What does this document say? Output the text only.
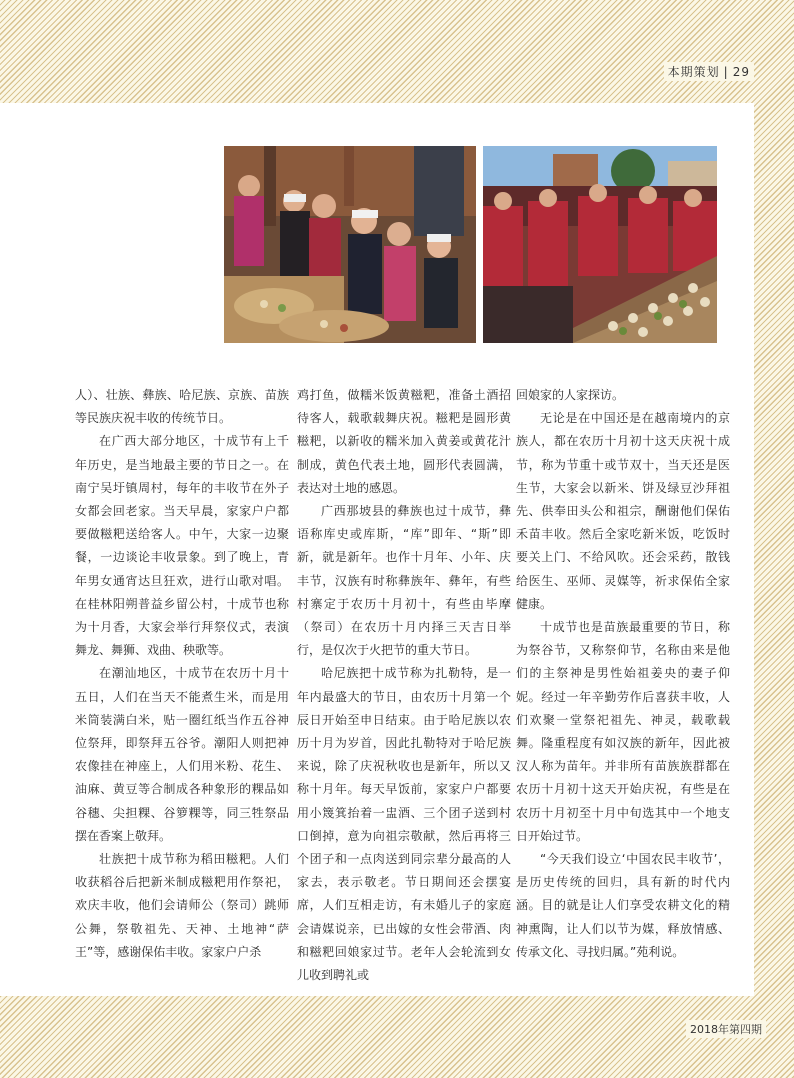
本期策划 | 29

人）、壮族、彝族、哈尼族、京族、苗族等民族庆祝丰收的传统节日。

在广西大部分地区，十成节有上千年历史，是当地最主要的节日之一。在南宁吴圩镇周村，每年的丰收节在外子女都会回老家。当天早晨，家家户户都要做糍粑送给客人。中午，大家一边聚餐，一边谈论丰收景象。到了晚上，青年男女通宵达旦狂欢，进行山歌对唱。在桂林阳朔普益乡留公村，十成节也称为十月香，大家会举行拜祭仪式，表演舞龙、舞狮、戏曲、秧歌等。

在潮汕地区，十成节在农历十月十五日，人们在当天不能煮生米，而是用米筒装满白米，贴一圈红纸当作五谷神位祭拜，即祭拜五谷爷。潮阳人则把神农像挂在神座上，人们用米粉、花生、油麻、黄豆等合制成各种象形的粿品如谷穗、尖担粿、谷箩粿等，同三牲祭品摆在香案上敬拜。

壮族把十成节称为稻田糍粑。人们收获稻谷后把新米制成糍粑用作祭祀，欢庆丰收，他们会请师公（祭司）跳师公舞，祭敬祖先、天神、土地神“萨王”等，感谢保佑丰收。家家户户杀

鸡打鱼，做糯米饭黄糍粑，准备土酒招待客人，载歌载舞庆祝。糍粑是圆形黄糍粑，以新收的糯米加入黄姜或黄花汁制成，黄色代表土地，圆形代表圆满，表达对土地的感恩。

广西那坡县的彝族也过十成节，彝语称库史或库斯，“库”即年、“斯”即新，就是新年。也作十月年、小年、庆丰节，汉族有时称彝族年、彝年，有些村寨定于农历十月初十，有些由毕摩（祭司）在农历十月内择三天吉日举行，是仅次于火把节的重大节日。

哈尼族把十成节称为扎勒特，是一年内最盛大的节日，由农历十月第一个辰日开始至申日结束。由于哈尼族以农历十月为岁首，因此扎勒特对于哈尼族来说，除了庆祝秋收也是新年，所以又称十月年。每天早饭前，家家户户都要用小篾箕抬着一盅酒、三个团子送到村口倒掉，意为向祖宗敬献，然后再将三个团子和一点肉送到同宗辈分最高的人家去，表示敬老。节日期间还会摆宴席，人们互相走访，有未婚儿子的家庭会请媒说亲，已出嫁的女性会带酒、肉和糍粑回娘家过节。老年人会轮流到女儿收到聘礼或

回娘家的人家探访。

无论是在中国还是在越南境内的京族人，都在农历十月初十这天庆祝十成节，称为节重十或节双十，当天还是医生节，大家会以新米、饼及绿豆沙拜祖先、供奉田头公和祖宗，酬谢他们保佑禾苗丰收。然后全家吃新米饭，吃饭时要关上门、不给风吹。还会采药，散钱给医生、巫师、灵媒等，祈求保佑全家健康。

十成节也是苗族最重要的节日，称为祭谷节，又称祭仰节，名称由来是他们的主祭神是男性始祖姜央的妻子仰妮。经过一年辛勤劳作后喜获丰收，人们欢聚一堂祭祀祖先、神灵，载歌载舞。隆重程度有如汉族的新年，因此被汉人称为苗年。并非所有苗族族群都在农历十月初十这天开始庆祝，有些是在农历十月初至十月中旬选其中一个地支日开始过节。

“今天我们设立‘中国农民丰收节’，是历史传统的回归，具有新的时代内涵。目的就是让人们享受农耕文化的精神熏陶，让人们以节为媒，释放情感、传承文化、寻找归属。”苑利说。

2018年第四期
